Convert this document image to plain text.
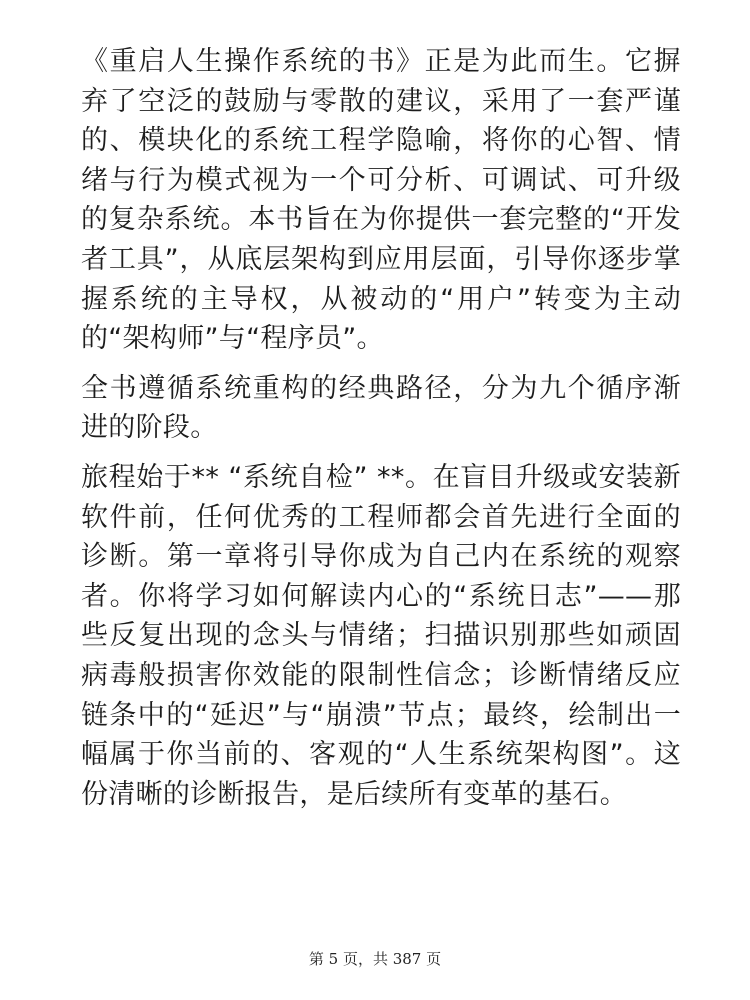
《重启人生操作系统的书》正是为此而生。它摒弃了空泛的鼓励与零散的建议，采用了一套严谨的、模块化的系统工程学隐喻，将你的心智、情绪与行为模式视为一个可分析、可调试、可升级的复杂系统。本书旨在为你提供一套完整的“开发者工具”，从底层架构到应用层面，引导你逐步掌握系统的主导权，从被动的“用户”转变为主动的“架构师”与“程序员”。

全书遵循系统重构的经典路径，分为九个循序渐进的阶段。

旅程始于** “系统自检” **。在盲目升级或安装新软件前，任何优秀的工程师都会首先进行全面的诊断。第一章将引导你成为自己内在系统的观察者。你将学习如何解读内心的“系统日志”——那些反复出现的念头与情绪；扫描识别那些如顽固病毒般损害你效能的限制性信念；诊断情绪反应链条中的“延迟”与“崩溃”节点；最终，绘制出一幅属于你当前的、客观的“人生系统架构图”。这份清晰的诊断报告，是后续所有变革的基石。

第 5 页，共 387 页
